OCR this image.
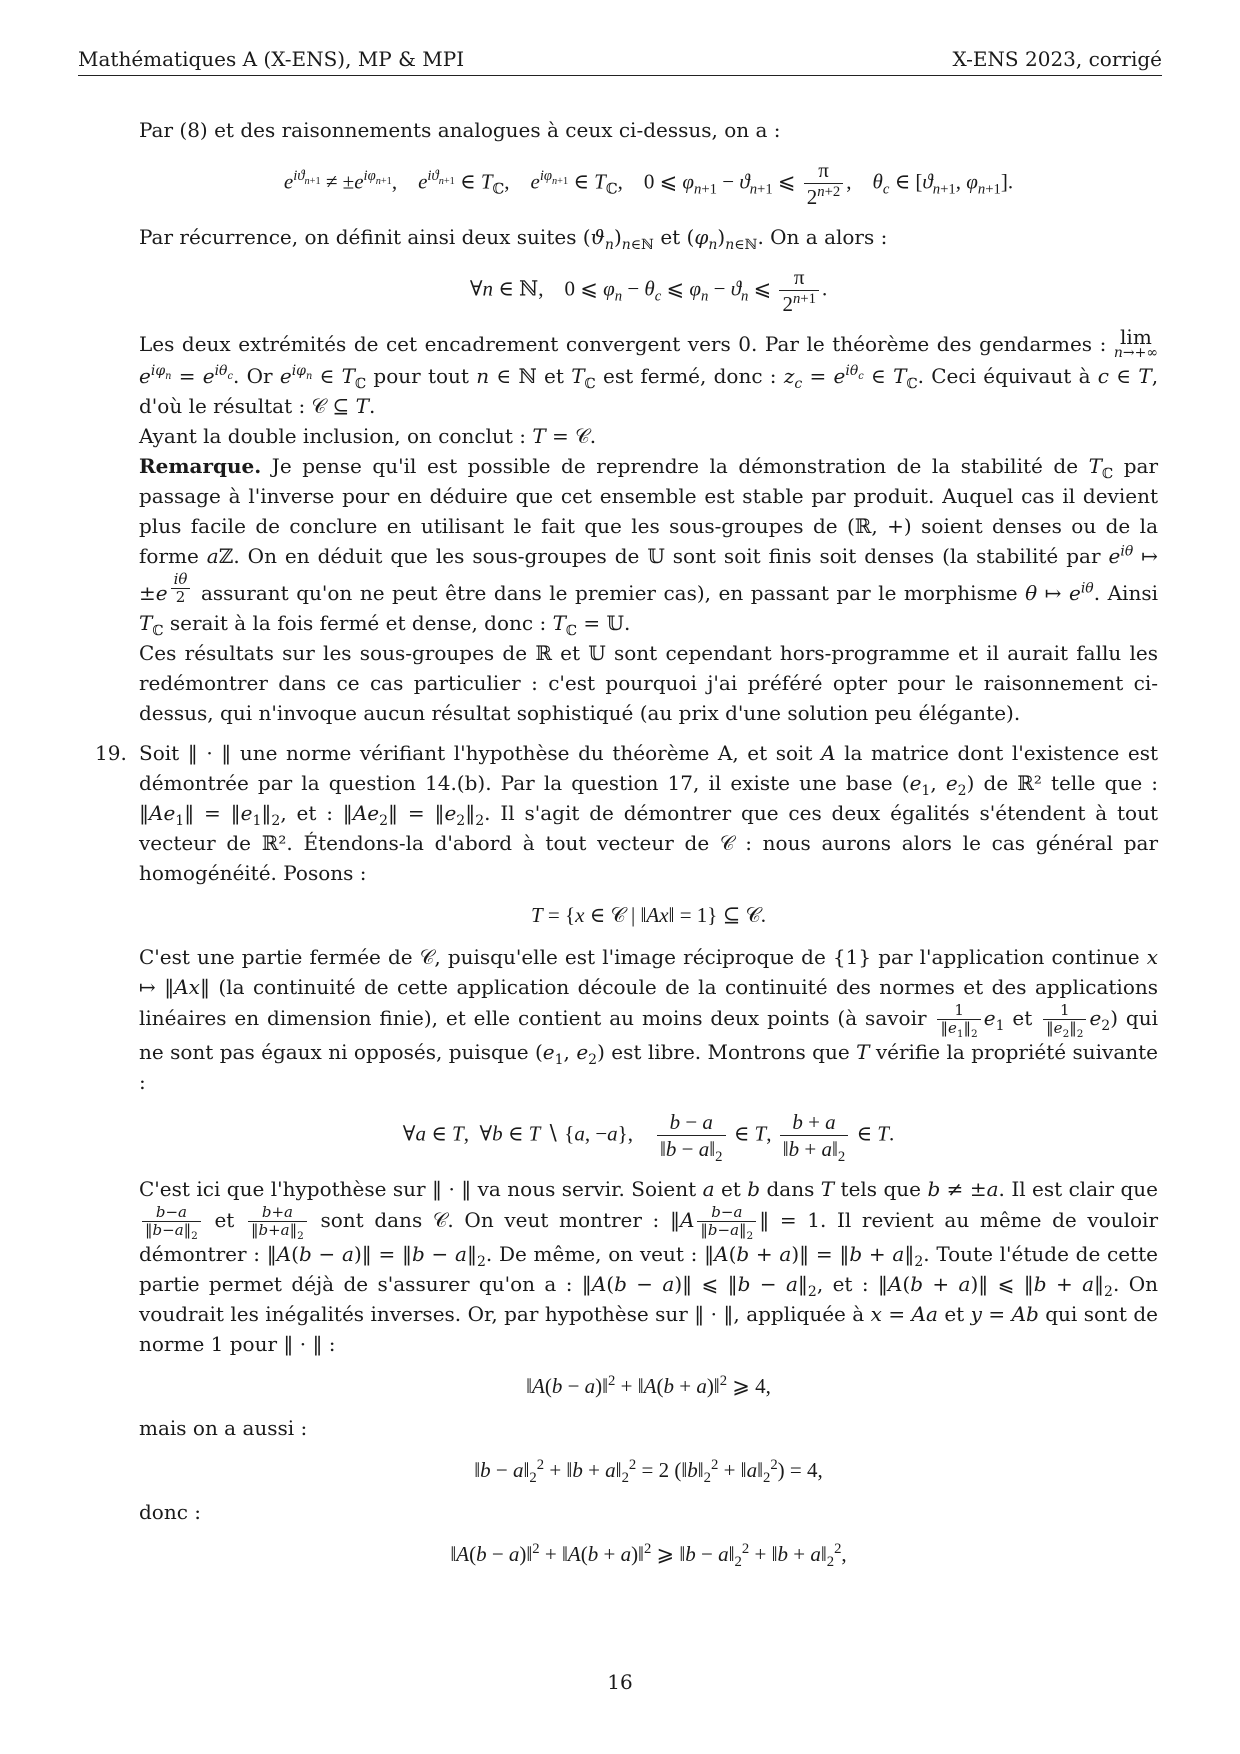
Mathématiques A (X-ENS), MP & MPI	X-ENS 2023, corrigé

Par (8) et des raisonnements analogues à ceux ci-dessus, on a :

$e^{iϑ_{n+1}} \ne \pm e^{i\varphi_{n+1}}$,    $e^{iϑ_{n+1}}$ ∈ $T_ℂ$,    $e^{i\varphi_{n+1}}$ ∈ $T_ℂ$,    0 ⩽ $\varphi_{n+1} - ϑ_{n+1}$ ⩽ $\frac{\pi}{2^{n+2}}$ ,    $\theta_c$ ∈ [$ϑ_{n+1}$, $\varphi_{n+1}$].

Par récurrence, on définit ainsi deux suites $(ϑ_n)_{n\in ℕ}$ et $(\varphi_n)_{n\in ℕ}$. On a alors :

∀n ∈ ℕ,    0 ⩽ $\varphi_n - \theta_c$ ⩽ $\varphi_n - ϑ_n$ ⩽ $\frac{\pi}{2^{n+1}}$ .

Les deux extrémités de cet encadrement convergent vers 0. Par le théorème des gendarmes : lim
n→+∞
$e^{i\varphi_n} = e^{i\theta_c}$. Or $e^{i\varphi_n}$ ∈ $T_ℂ$ pour tout n ∈ ℕ et $T_ℂ$ est fermé, donc : $z_c = e^{i\theta_c}$ ∈ $T_ℂ$. Ceci équivaut à c ∈ T, d'où le résultat : 𝒞 ⊆ T.

Ayant la double inclusion, on conclut : T = 𝒞.

Remarque. Je pense qu'il est possible de reprendre la démonstration de la stabilité de $T_ℂ$ par passage à l'inverse pour en déduire que cet ensemble est stable par produit. Auquel cas il devient plus facile de conclure en utilisant le fait que les sous-groupes de (ℝ, +) soient denses ou de la forme aℤ. On en déduit que les sous-groupes de 𝕌 sont soit finis soit denses (la stabilité par $e^{i\theta}$ ↦ ±e $^{\frac{i\theta}{2}}$ assurant qu'on ne peut être dans le premier cas), en passant par le morphisme θ ↦ $e^{i\theta}$. Ainsi $T_ℂ$ serait à la fois fermé et dense, donc : $T_ℂ$ = 𝕌.

Ces résultats sur les sous-groupes de ℝ et 𝕌 sont cependant hors-programme et il aurait fallu les redémontrer dans ce cas particulier : c'est pourquoi j'ai préféré opter pour le raisonnement ci-dessus, qui n'invoque aucun résultat sophistiqué (au prix d'une solution peu élégante).

19. Soit ‖ · ‖ une norme vérifiant l'hypothèse du théorème A, et soit A la matrice dont l'existence est démontrée par la question 14.(b). Par la question 17, il existe une base ($e_1$, $e_2$) de ℝ² telle que : $‖Ae_1‖$ = $‖e_1‖_2$, et : $‖Ae_2‖$ = $‖e_2‖_2$. Il s'agit de démontrer que ces deux égalités s'étendent à tout vecteur de ℝ². Étendons-la d'abord à tout vecteur de 𝒞 : nous aurons alors le cas général par homogénéité. Posons :

T = {x ∈ 𝒞 | ‖Ax‖ = 1} ⊆ 𝒞.

C'est une partie fermée de 𝒞, puisqu'elle est l'image réciproque de {1} par l'application continue x ↦ ‖Ax‖ (la continuité de cette application découle de la continuité des normes et des applications linéaires en dimension finie), et elle contient au moins deux points (à savoir $\frac{1}{‖e_1‖_2} e_1$ et $\frac{1}{‖e_2‖_2} e_2$) qui ne sont pas égaux ni opposés, puisque ($e_1$, $e_2$) est libre. Montrons que T vérifie la propriété suivante :

∀a ∈ T,  ∀b ∈ T ∖ {a, −a}, $\frac{b - a}{‖b - a‖_2}$ ∈ T, $\frac{b + a}{‖b + a‖_2}$ ∈ T.

C'est ici que l'hypothèse sur ‖ · ‖ va nous servir. Soient a et b dans T tels que b ≠ ±a. Il est clair que
$\frac{b-a}{‖b-a‖_2}$ et $\frac{b+a}{‖b+a‖_2}$ sont dans 𝒞. On veut montrer : ‖A $\frac{b-a}{‖b-a‖_2}$ ‖ = 1. Il revient au même de vouloir démontrer : ‖A(b − a)‖ = ‖b − $a‖_2$. De même, on veut : ‖A(b + a)‖ = ‖b + $a‖_2$. Toute l'étude de cette partie permet déjà de s'assurer qu'on a : ‖A(b − a)‖ ⩽ ‖b − $a‖_2$, et : ‖A(b + a)‖ ⩽ ‖b + $a‖_2$. On voudrait les inégalités inverses. Or, par hypothèse sur ‖ · ‖, appliquée à x = Aa et y = Ab qui sont de norme 1 pour ‖ · ‖ :

‖A(b − a)‖$^2$ + ‖A(b + a)‖$^2$ ⩾ 4,

mais on a aussi :

‖b − $a‖_2^2$ + ‖b + $a‖_2^2 = 2$ ($‖b‖_2^2$ + $‖a‖_2^2) = 4$,

donc :

‖A(b − a)‖$^2$ + ‖A(b + a)‖$^2$ ⩾ ‖b − $a‖_2^2$ + ‖b + $a‖_2^2$,
16
